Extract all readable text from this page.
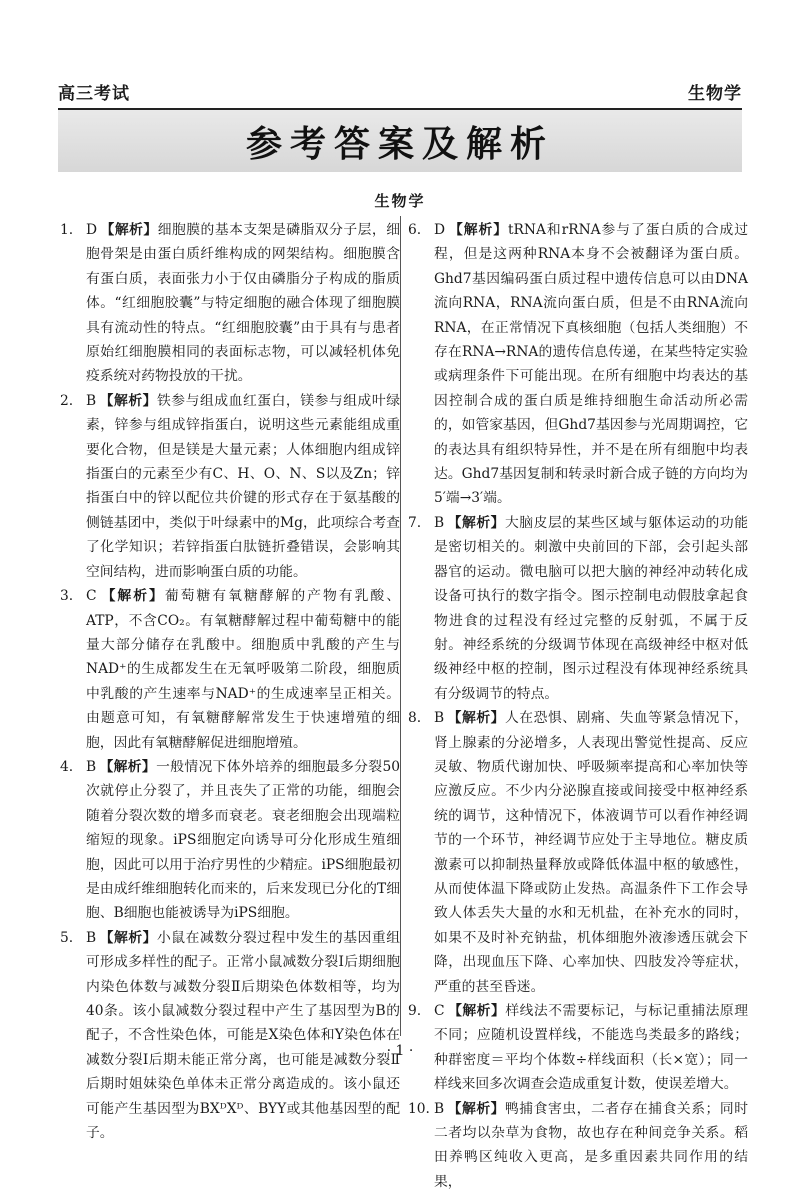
高三考试	生物学
参考答案及解析
生物学
1. D 【解析】细胞膜的基本支架是磷脂双分子层，细胞骨架是由蛋白质纤维构成的网架结构。细胞膜含有蛋白质，表面张力小于仅由磷脂分子构成的脂质体。“红细胞胶囊”与特定细胞的融合体现了细胞膜具有流动性的特点。“红细胞胶囊”由于具有与患者原始红细胞膜相同的表面标志物，可以减轻机体免疫系统对药物投放的干扰。
2. B 【解析】铁参与组成血红蛋白，镁参与组成叶绿素，锌参与组成锌指蛋白，说明这些元素能组成重要化合物，但是镁是大量元素；人体细胞内组成锌指蛋白的元素至少有C、H、O、N、S以及Zn；锌指蛋白中的锌以配位共价键的形式存在于氨基酸的侧链基团中，类似于叶绿素中的Mg，此项综合考查了化学知识；若锌指蛋白肽链折叠错误，会影响其空间结构，进而影响蛋白质的功能。
3. C 【解析】葡萄糖有氧糖酵解的产物有乳酸、ATP，不含CO₂。有氧糖酵解过程中葡萄糖中的能量大部分储存在乳酸中。细胞质中乳酸的产生与NAD⁺的生成都发生在无氧呼吸第二阶段，细胞质中乳酸的产生速率与NAD⁺的生成速率呈正相关。由题意可知，有氧糖酵解常发生于快速增殖的细胞，因此有氧糖酵解促进细胞增殖。
4. B 【解析】一般情况下体外培养的细胞最多分裂50次就停止分裂了，并且丧失了正常的功能，细胞会随着分裂次数的增多而衰老。衰老细胞会出现端粒缩短的现象。iPS细胞定向诱导可分化形成生殖细胞，因此可以用于治疗男性的少精症。iPS细胞最初是由成纤维细胞转化而来的，后来发现已分化的T细胞、B细胞也能被诱导为iPS细胞。
5. B 【解析】小鼠在减数分裂过程中发生的基因重组可形成多样性的配子。正常小鼠减数分裂Ⅰ后期细胞内染色体数与减数分裂Ⅱ后期染色体数相等，均为40条。该小鼠减数分裂过程中产生了基因型为B的配子，不含性染色体，可能是X染色体和Y染色体在减数分裂Ⅰ后期未能正常分离，也可能是减数分裂Ⅱ后期时姐妹染色单体未正常分离造成的。该小鼠还可能产生基因型为BXᴰXᴰ、BYY或其他基因型的配子。
6. D 【解析】tRNA和rRNA参与了蛋白质的合成过程，但是这两种RNA本身不会被翻译为蛋白质。Ghd7基因编码蛋白质过程中遗传信息可以由DNA流向RNA，RNA流向蛋白质，但是不由RNA流向RNA，在正常情况下真核细胞（包括人类细胞）不存在RNA→RNA的遗传信息传递，在某些特定实验或病理条件下可能出现。在所有细胞中均表达的基因控制合成的蛋白质是维持细胞生命活动所必需的，如管家基因，但Ghd7基因参与光周期调控，它的表达具有组织特异性，并不是在所有细胞中均表达。Ghd7基因复制和转录时新合成子链的方向均为5′端→3′端。
7. B 【解析】大脑皮层的某些区域与躯体运动的功能是密切相关的。刺激中央前回的下部，会引起头部器官的运动。微电脑可以把大脑的神经冲动转化成设备可执行的数字指令。图示控制电动假肢拿起食物进食的过程没有经过完整的反射弧，不属于反射。神经系统的分级调节体现在高级神经中枢对低级神经中枢的控制，图示过程没有体现神经系统具有分级调节的特点。
8. B 【解析】人在恐惧、剧痛、失血等紧急情况下，肾上腺素的分泌增多，人表现出警觉性提高、反应灵敏、物质代谢加快、呼吸频率提高和心率加快等应激反应。不少内分泌腺直接或间接受中枢神经系统的调节，这种情况下，体液调节可以看作神经调节的一个环节，神经调节应处于主导地位。糖皮质激素可以抑制热量释放或降低体温中枢的敏感性，从而使体温下降或防止发热。高温条件下工作会导致人体丢失大量的水和无机盐，在补充水的同时，如果不及时补充钠盐，机体细胞外液渗透压就会下降，出现血压下降、心率加快、四肢发冷等症状，严重的甚至昏迷。
9. C 【解析】样线法不需要标记，与标记重捕法原理不同；应随机设置样线，不能选鸟类最多的路线；种群密度＝平均个体数÷样线面积（长×宽）；同一样线来回多次调查会造成重复计数，使误差增大。
10. B 【解析】鸭捕食害虫，二者存在捕食关系；同时二者均以杂草为食物，故也存在种间竞争关系。稻田养鸭区纯收入更高，是多重因素共同作用的结果，
· 1 ·
